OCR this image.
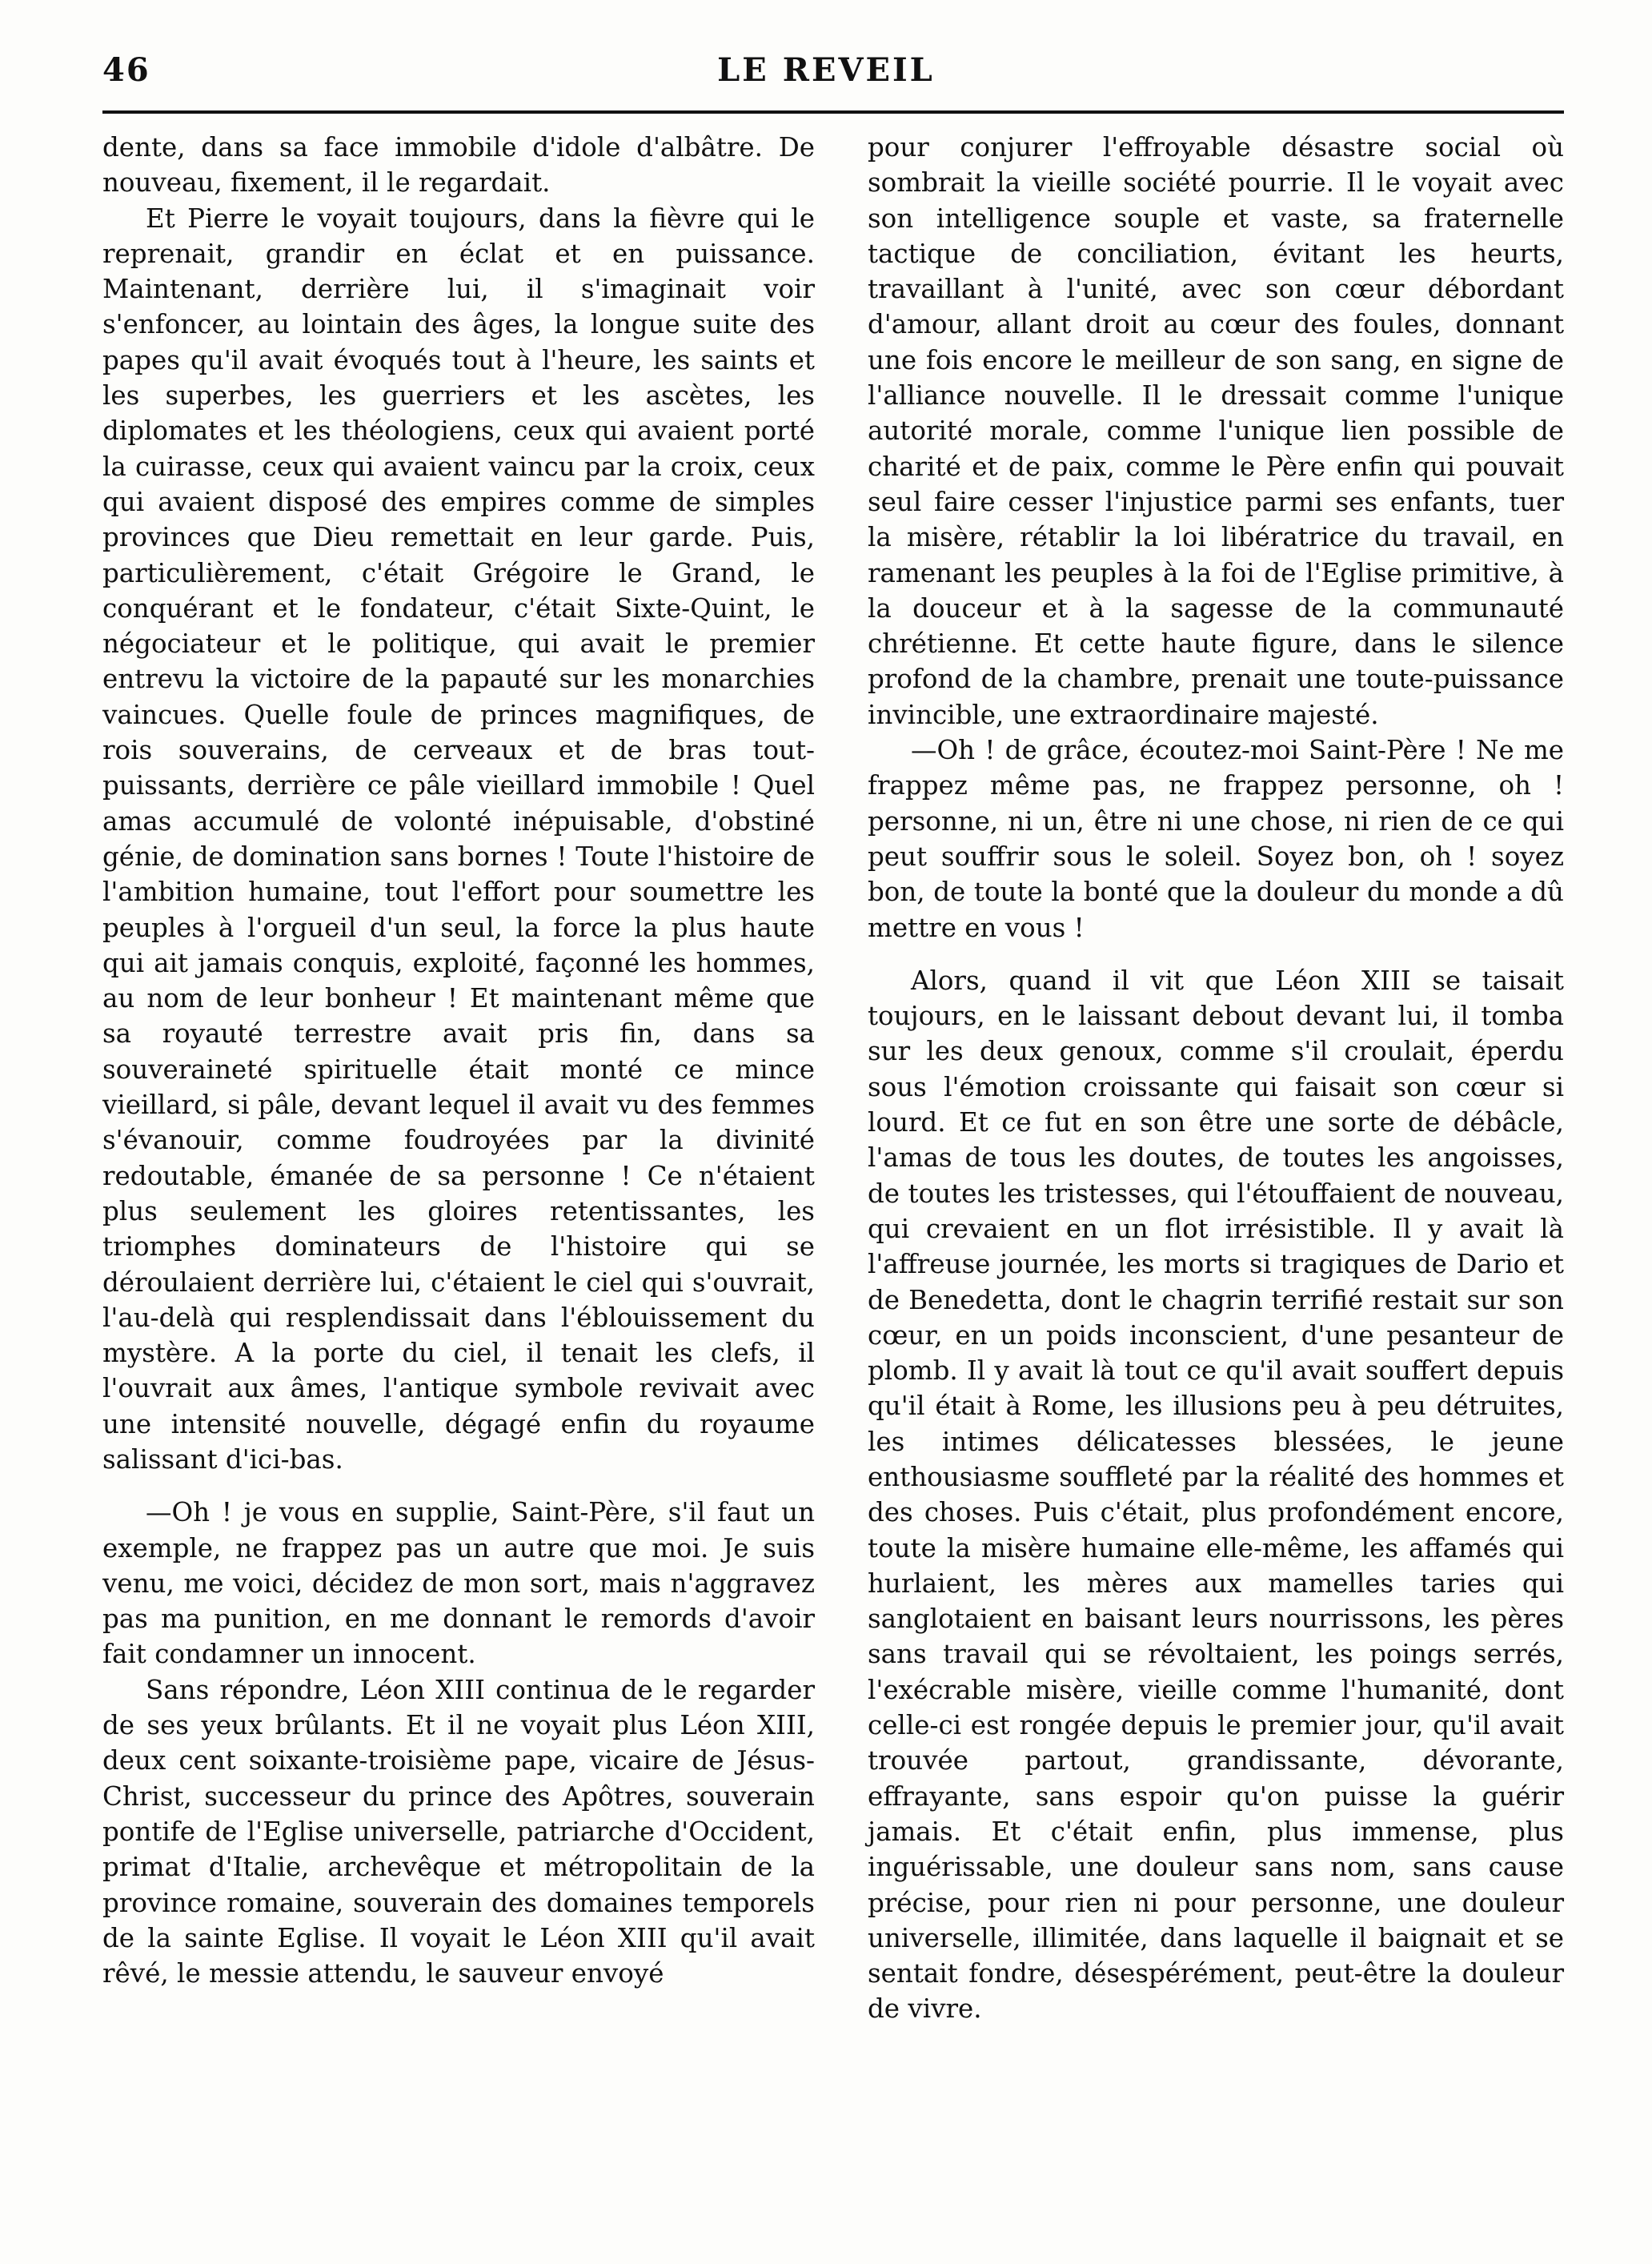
46	LE REVEIL

dente, dans sa face immobile d'idole d'albâtre. De nouveau, fixement, il le regardait.

Et Pierre le voyait toujours, dans la fièvre qui le reprenait, grandir en éclat et en puissance. Maintenant, derrière lui, il s'imaginait voir s'enfoncer, au lointain des âges, la longue suite des papes qu'il avait évoqués tout à l'heure, les saints et les superbes, les guerriers et les ascètes, les diplomates et les théologiens, ceux qui avaient porté la cuirasse, ceux qui avaient vaincu par la croix, ceux qui avaient disposé des empires comme de simples provinces que Dieu remettait en leur garde. Puis, particulièrement, c'était Grégoire le Grand, le conquérant et le fondateur, c'était Sixte-Quint, le négociateur et le politique, qui avait le premier entrevu la victoire de la papauté sur les monarchies vaincues. Quelle foule de princes magnifiques, de rois souverains, de cerveaux et de bras tout-puissants, derrière ce pâle vieillard immobile ! Quel amas accumulé de volonté inépuisable, d'obstiné génie, de domination sans bornes ! Toute l'histoire de l'ambition humaine, tout l'effort pour soumettre les peuples à l'orgueil d'un seul, la force la plus haute qui ait jamais conquis, exploité, façonné les hommes, au nom de leur bonheur ! Et maintenant même que sa royauté terrestre avait pris fin, dans sa souveraineté spirituelle était monté ce mince vieillard, si pâle, devant lequel il avait vu des femmes s'évanouir, comme foudroyées par la divinité redoutable, émanée de sa personne ! Ce n'étaient plus seulement les gloires retentissantes, les triomphes dominateurs de l'histoire qui se déroulaient derrière lui, c'étaient le ciel qui s'ouvrait, l'au-delà qui resplendissait dans l'éblouissement du mystère. A la porte du ciel, il tenait les clefs, il l'ouvrait aux âmes, l'antique symbole revivait avec une intensité nouvelle, dégagé enfin du royaume salissant d'ici-bas.

—Oh ! je vous en supplie, Saint-Père, s'il faut un exemple, ne frappez pas un autre que moi. Je suis venu, me voici, décidez de mon sort, mais n'aggravez pas ma punition, en me donnant le remords d'avoir fait condamner un innocent.

Sans répondre, Léon XIII continua de le regarder de ses yeux brûlants. Et il ne voyait plus Léon XIII, deux cent soixante-troisième pape, vicaire de Jésus-Christ, successeur du prince des Apôtres, souverain pontife de l'Eglise universelle, patriarche d'Occident, primat d'Italie, archevêque et métropolitain de la province romaine, souverain des domaines temporels de la sainte Eglise. Il voyait le Léon XIII qu'il avait rêvé, le messie attendu, le sauveur envoyé

pour conjurer l'effroyable désastre social où sombrait la vieille société pourrie. Il le voyait avec son intelligence souple et vaste, sa fraternelle tactique de conciliation, évitant les heurts, travaillant à l'unité, avec son cœur débordant d'amour, allant droit au cœur des foules, donnant une fois encore le meilleur de son sang, en signe de l'alliance nouvelle. Il le dressait comme l'unique autorité morale, comme l'unique lien possible de charité et de paix, comme le Père enfin qui pouvait seul faire cesser l'injustice parmi ses enfants, tuer la misère, rétablir la loi libératrice du travail, en ramenant les peuples à la foi de l'Eglise primitive, à la douceur et à la sagesse de la communauté chrétienne. Et cette haute figure, dans le silence profond de la chambre, prenait une toute-puissance invincible, une extraordinaire majesté.

—Oh ! de grâce, écoutez-moi Saint-Père ! Ne me frappez même pas, ne frappez personne, oh ! personne, ni un, être ni une chose, ni rien de ce qui peut souffrir sous le soleil. Soyez bon, oh ! soyez bon, de toute la bonté que la douleur du monde a dû mettre en vous !

Alors, quand il vit que Léon XIII se taisait toujours, en le laissant debout devant lui, il tomba sur les deux genoux, comme s'il croulait, éperdu sous l'émotion croissante qui faisait son cœur si lourd. Et ce fut en son être une sorte de débâcle, l'amas de tous les doutes, de toutes les angoisses, de toutes les tristesses, qui l'étouffaient de nouveau, qui crevaient en un flot irrésistible. Il y avait là l'affreuse journée, les morts si tragiques de Dario et de Benedetta, dont le chagrin terrifié restait sur son cœur, en un poids inconscient, d'une pesanteur de plomb. Il y avait là tout ce qu'il avait souffert depuis qu'il était à Rome, les illusions peu à peu détruites, les intimes délicatesses blessées, le jeune enthousiasme souffleté par la réalité des hommes et des choses. Puis c'était, plus profondément encore, toute la misère humaine elle-même, les affamés qui hurlaient, les mères aux mamelles taries qui sanglotaient en baisant leurs nourrissons, les pères sans travail qui se révoltaient, les poings serrés, l'exécrable misère, vieille comme l'humanité, dont celle-ci est rongée depuis le premier jour, qu'il avait trouvée partout, grandissante, dévorante, effrayante, sans espoir qu'on puisse la guérir jamais. Et c'était enfin, plus immense, plus inguérissable, une douleur sans nom, sans cause précise, pour rien ni pour personne, une douleur universelle, illimitée, dans laquelle il baignait et se sentait fondre, désespérément, peut-être la douleur de vivre.
